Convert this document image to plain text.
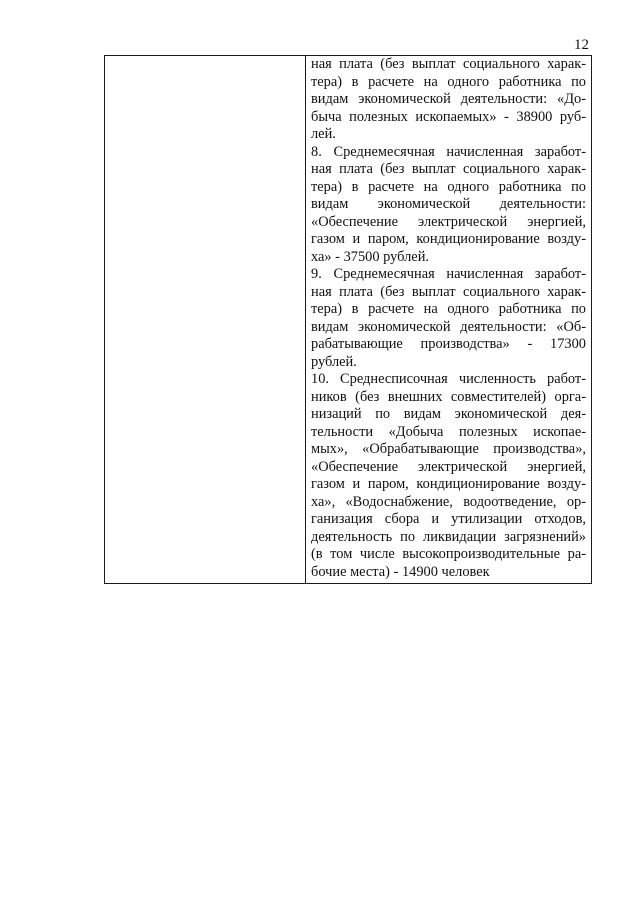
12
ная плата (без выплат социального харак-
тера) в расчете на одного работника по
видам экономической деятельности: «До-
быча полезных ископаемых» - 38900 руб-
лей.
8. Среднемесячная начисленная заработ-
ная плата (без выплат социального харак-
тера) в расчете на одного работника по
видам экономической деятельности:
«Обеспечение электрической энергией,
газом и паром, кондиционирование возду-
ха» - 37500 рублей.
9. Среднемесячная начисленная заработ-
ная плата (без выплат социального харак-
тера) в расчете на одного работника по
видам экономической деятельности: «Об-
рабатывающие производства» - 17300
рублей.
10. Среднесписочная численность работ-
ников (без внешних совместителей) орга-
низаций по видам экономической дея-
тельности «Добыча полезных ископае-
мых», «Обрабатывающие производства»,
«Обеспечение электрической энергией,
газом и паром, кондиционирование возду-
ха», «Водоснабжение, водоотведение, ор-
ганизация сбора и утилизации отходов,
деятельность по ликвидации загрязнений»
(в том числе высокопроизводительные ра-
бочие места) - 14900 человек
